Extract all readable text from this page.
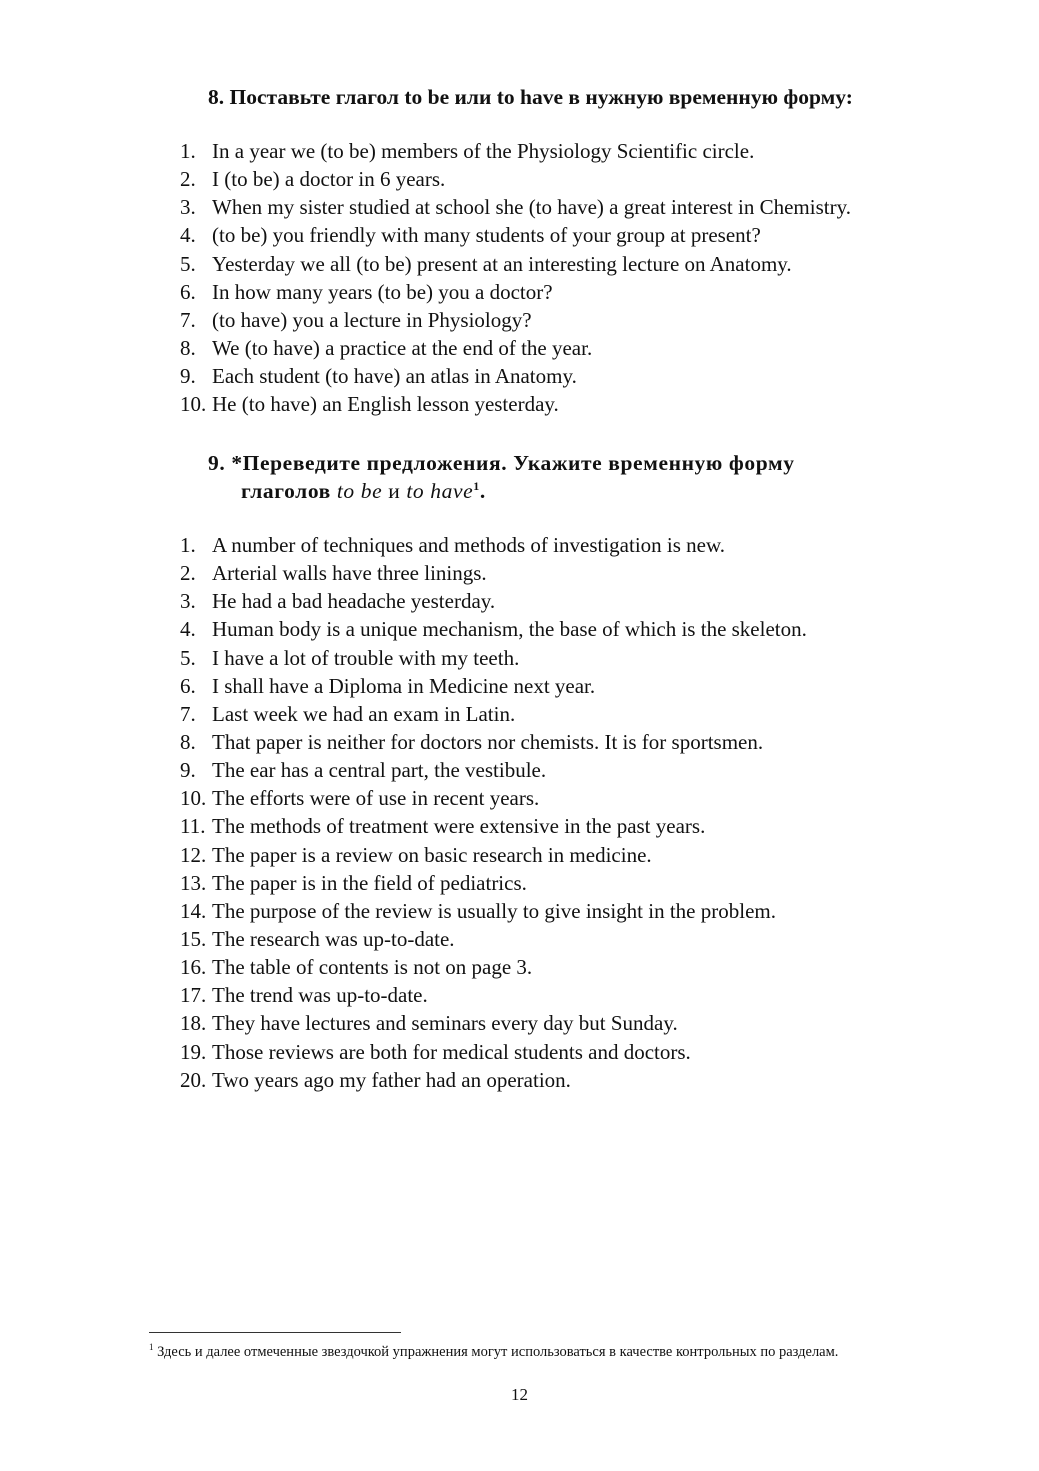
8. Поставьте глагол to be или to have в нужную временную форму:
1. In a year we (to be) members of the Physiology Scientific circle.
2. I (to be) a doctor in 6 years.
3. When my sister studied at school she (to have) a great interest in Chemistry.
4. (to be) you friendly with many students of your group at present?
5. Yesterday we all (to be) present at an interesting lecture on Anatomy.
6. In how many years (to be) you a doctor?
7. (to have) you a lecture in Physiology?
8. We (to have) a practice at the end of the year.
9. Each student (to have) an atlas in Anatomy.
10. He (to have) an English lesson yesterday.
9. *Переведите предложения. Укажите временную форму
глаголов to be и to have$^1$.
1. A number of techniques and methods of investigation is new.
2. Arterial walls have three linings.
3. He had a bad headache yesterday.
4. Human body is a unique mechanism, the base of which is the skeleton.
5. I have a lot of trouble with my teeth.
6. I shall have a Diploma in Medicine next year.
7. Last week we had an exam in Latin.
8. That paper is neither for doctors nor chemists. It is for sportsmen.
9. The ear has a central part, the vestibule.
10. The efforts were of use in recent years.
11. The methods of treatment were extensive in the past years.
12. The paper is a review on basic research in medicine.
13. The paper is in the field of pediatrics.
14. The purpose of the review is usually to give insight in the problem.
15. The research was up-to-date.
16. The table of contents is not on page 3.
17. The trend was up-to-date.
18. They have lectures and seminars every day but Sunday.
19. Those reviews are both for medical students and doctors.
20. Two years ago my father had an operation.
$^1$ Здесь и далее отмеченные звездочкой упражнения могут использоваться в качестве контрольных по разделам.
12
